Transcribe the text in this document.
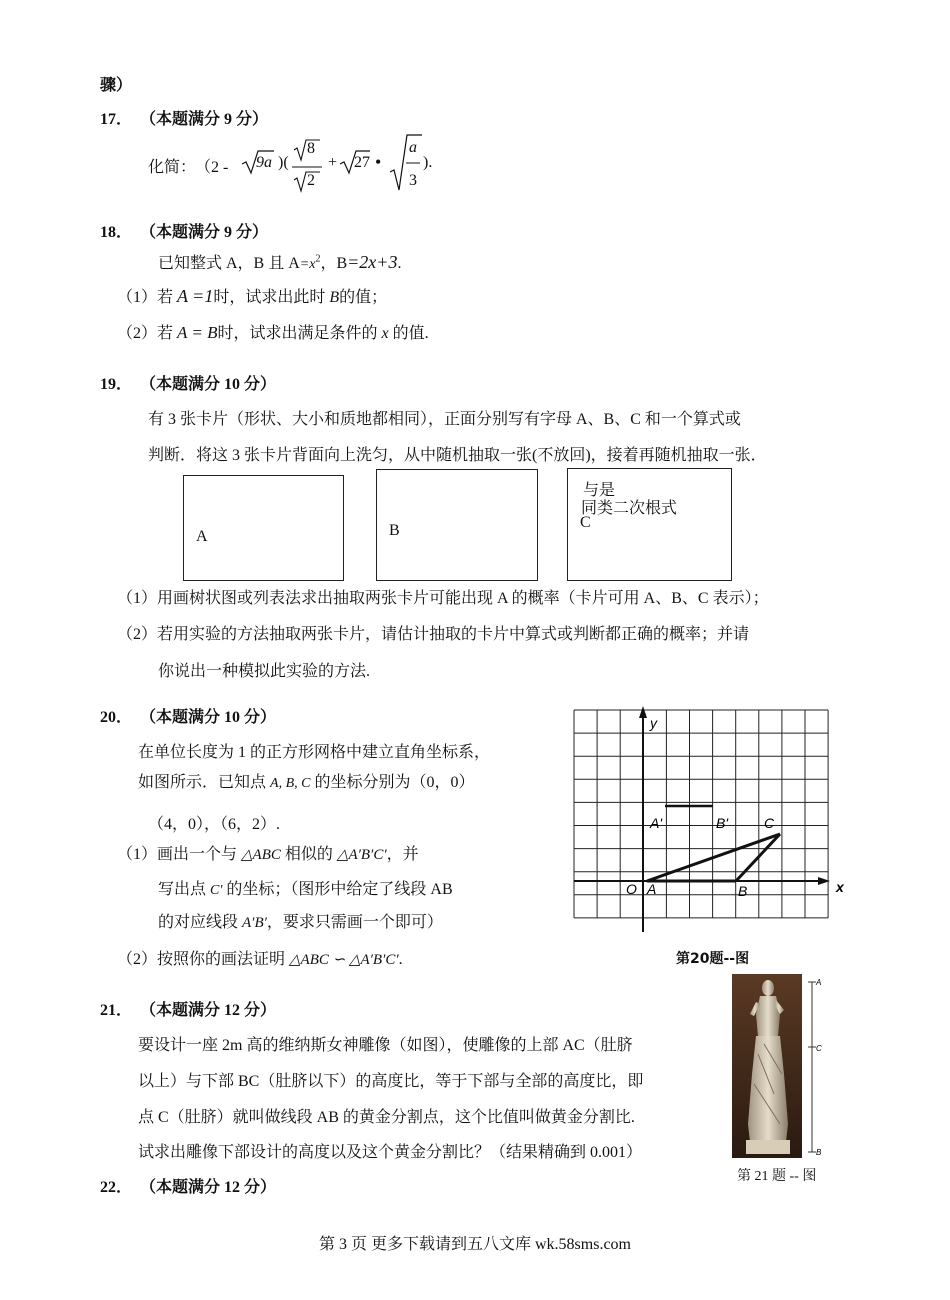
骤）
17． （本题满分 9 分）
化简：
（2 - 9a )(
8
2
+ 27 •
a
3
).
18． （本题满分 9 分）
已知整式 A，B 且 $A=x^2$，B=2x+3.
（1）若 A =1时，试求出此时 B的值；
（2）若 A = B时，试求出满足条件的 x 的值.
19． （本题满分 10 分）
有 3 张卡片（形状、大小和质地都相同），正面分别写有字母 A、B、C 和一个算式或
判断．将这 3 张卡片背面向上洗匀，从中随机抽取一张(不放回)，接着再随机抽取一张．
A	B
与是
同类二次根式
C
（1）用画树状图或列表法求出抽取两张卡片可能出现 A 的概率（卡片可用 A、B、C 表示）；
（2）若用实验的方法抽取两张卡片，请估计抽取的卡片中算式或判断都正确的概率；并请
你说出一种模拟此实验的方法.
20． （本题满分 10 分）
在单位长度为 1 的正方形网格中建立直角坐标系，
如图所示．已知点 A, B, C 的坐标分别为（0，0）
（4，0），（6，2）.
（1）画出一个与 △ABC 相似的 △A′B′C′，并
写出点 C′ 的坐标；（图形中给定了线段 AB
的对应线段 A′B′，要求只需画一个即可）
（2）按照你的画法证明 △ABC ∽ △A′B′C′.
y
x
O A	B
C
A'	B'
第20题--图
21． （本题满分 12 分）
要设计一座 2m 高的维纳斯女神雕像（如图），使雕像的上部 AC（肚脐
以上）与下部 BC（肚脐以下）的高度比，等于下部与全部的高度比，即
点 C（肚脐）就叫做线段 AB 的黄金分割点，这个比值叫做黄金分割比.
试求出雕像下部设计的高度以及这个黄金分割比？（结果精确到 0.001）
A
C
B
第 21 题 -- 图
22． （本题满分 12 分）
第 3 页 更多下载请到五八文库 wk.58sms.com
